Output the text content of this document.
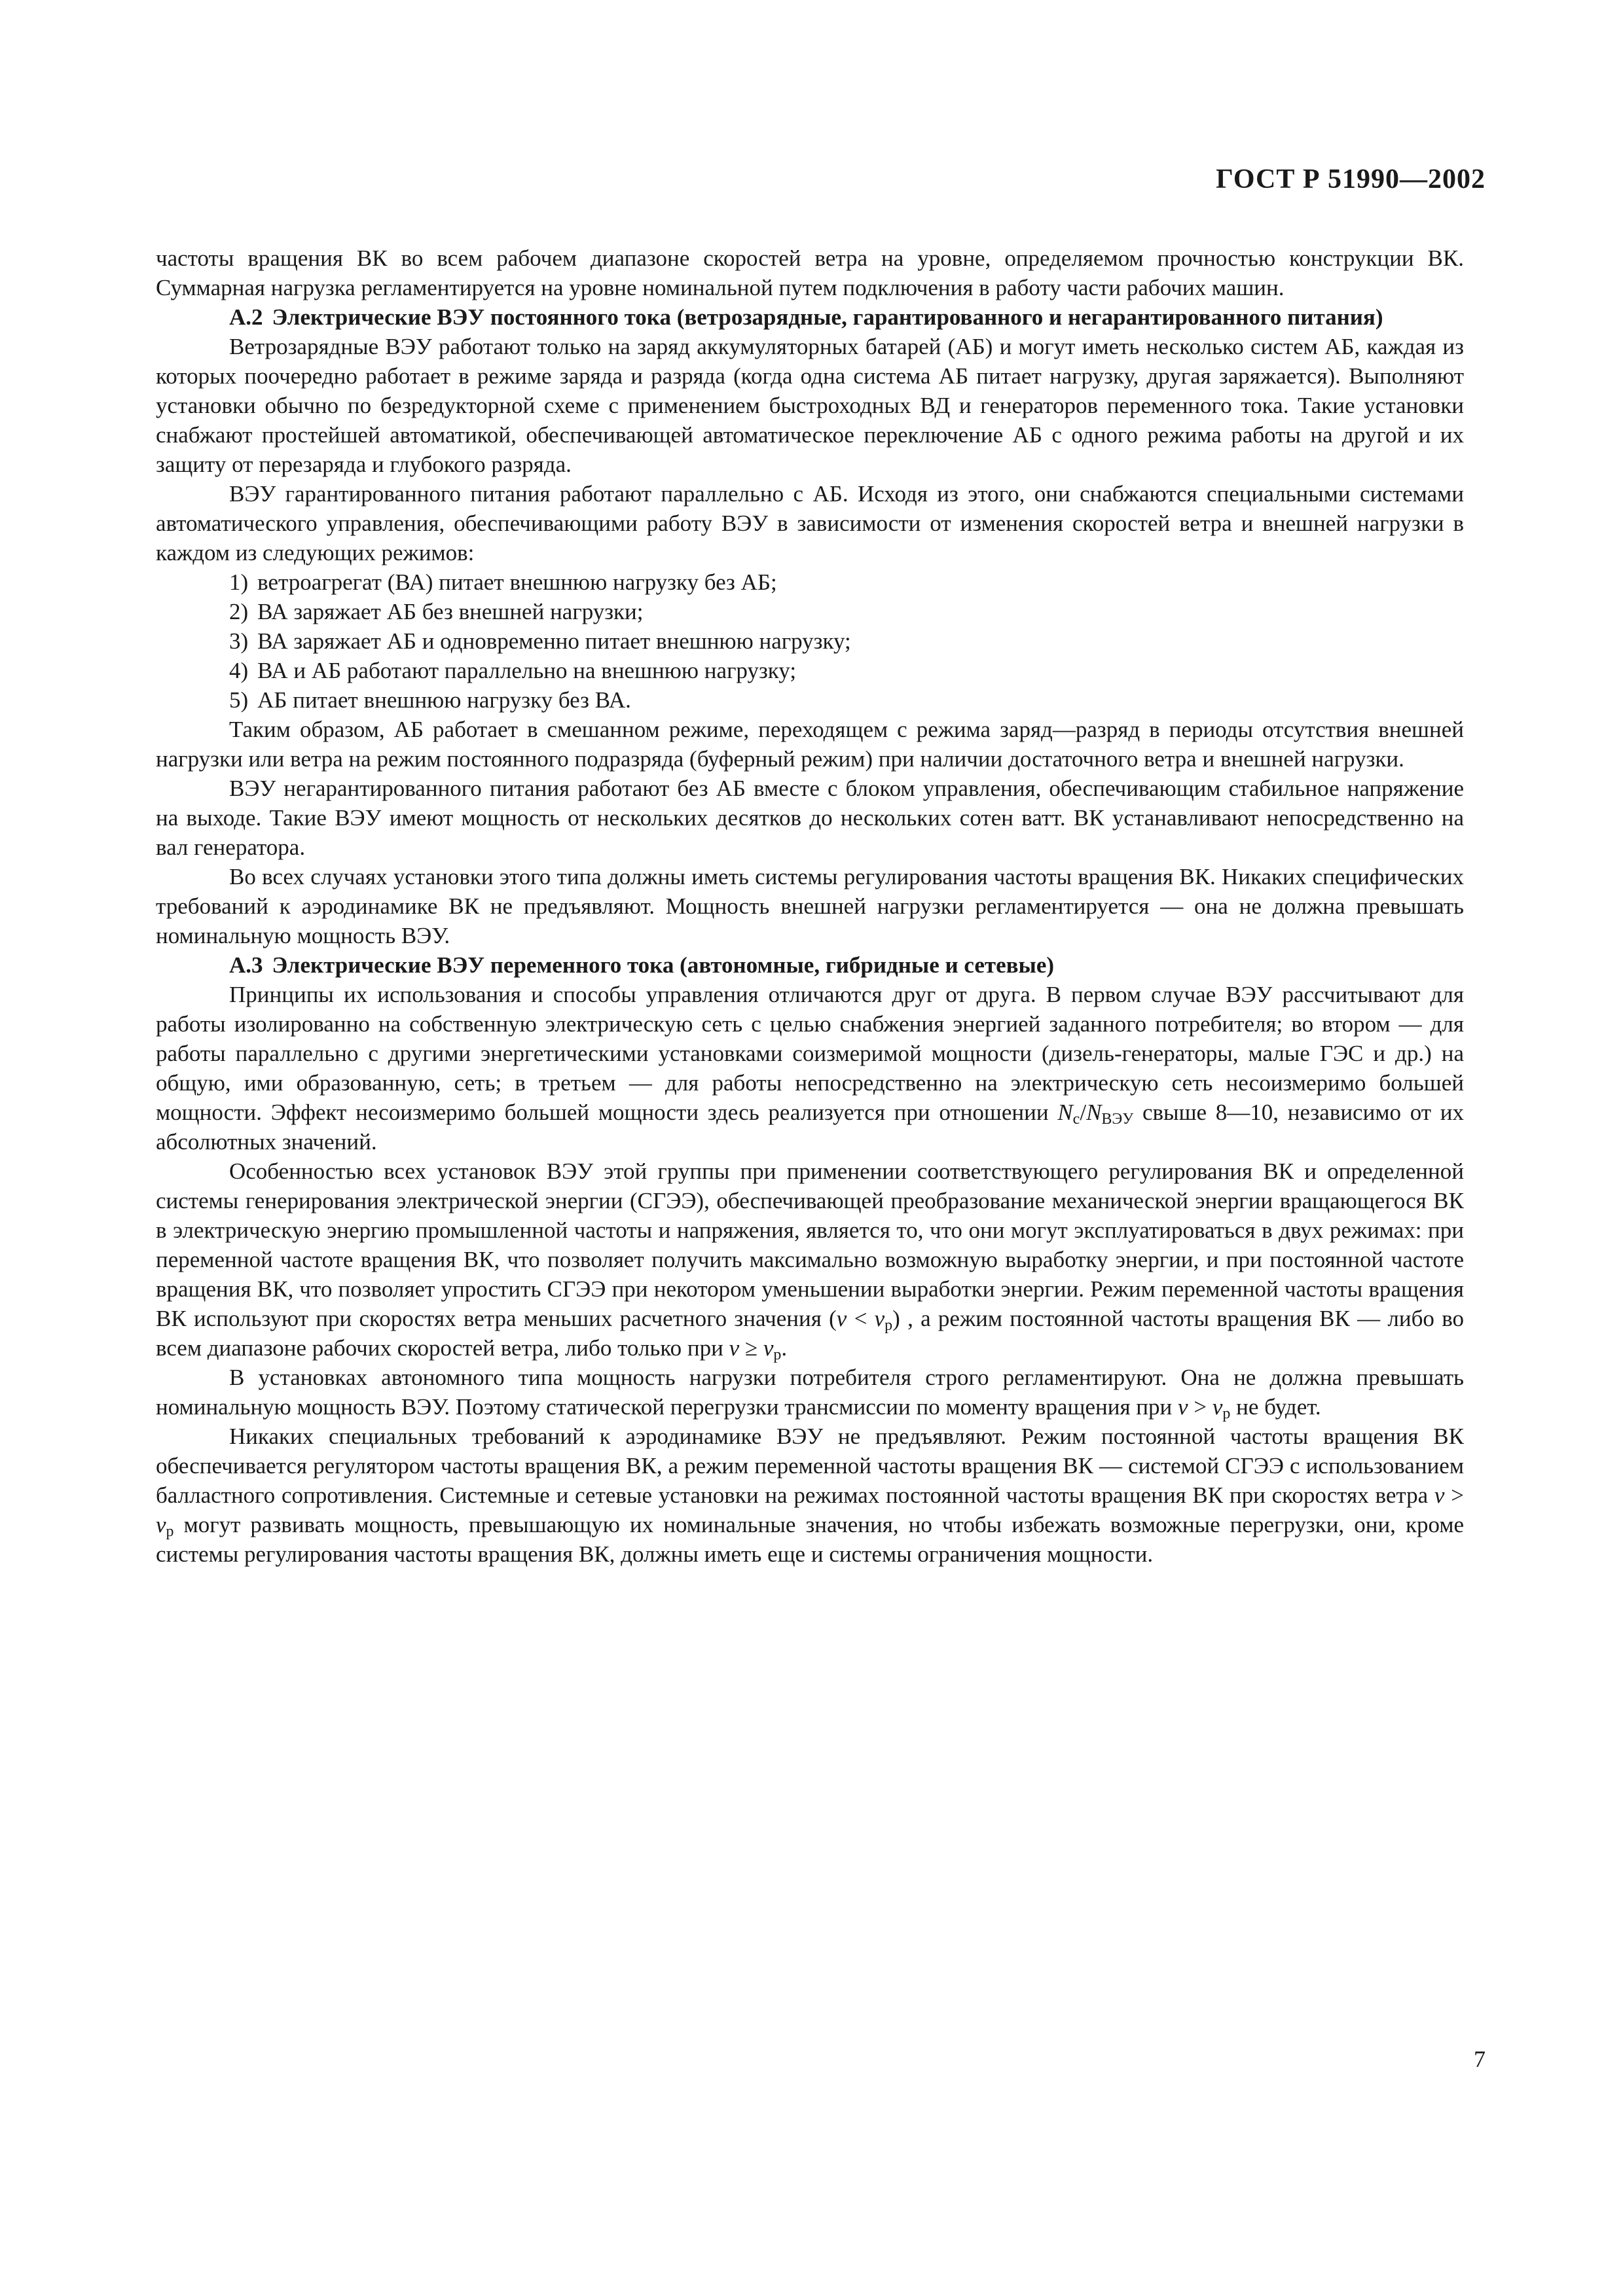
ГОСТ Р 51990—2002

частоты вращения ВК во всем рабочем диапазоне скоростей ветра на уровне, определяемом прочностью конструкции ВК. Суммарная нагрузка регламентируется на уровне номинальной путем подключения в работу части рабочих машин.

А.2 Электрические ВЭУ постоянного тока (ветрозарядные, гарантированного и негарантированного питания)

Ветрозарядные ВЭУ работают только на заряд аккумуляторных батарей (АБ) и могут иметь несколько систем АБ, каждая из которых поочередно работает в режиме заряда и разряда (когда одна система АБ питает нагрузку, другая заряжается). Выполняют установки обычно по безредукторной схеме с применением быстроходных ВД и генераторов переменного тока. Такие установки снабжают простейшей автоматикой, обеспечивающей автоматическое переключение АБ с одного режима работы на другой и их защиту от перезаряда и глубокого разряда.

ВЭУ гарантированного питания работают параллельно с АБ. Исходя из этого, они снабжаются специальными системами автоматического управления, обеспечивающими работу ВЭУ в зависимости от изменения скоростей ветра и внешней нагрузки в каждом из следующих режимов:

1) ветроагрегат (ВА) питает внешнюю нагрузку без АБ;

2) ВА заряжает АБ без внешней нагрузки;

3) ВА заряжает АБ и одновременно питает внешнюю нагрузку;

4) ВА и АБ работают параллельно на внешнюю нагрузку;

5) АБ питает внешнюю нагрузку без ВА.

Таким образом, АБ работает в смешанном режиме, переходящем с режима заряд—разряд в периоды отсутствия внешней нагрузки или ветра на режим постоянного подразряда (буферный режим) при наличии достаточного ветра и внешней нагрузки.

ВЭУ негарантированного питания работают без АБ вместе с блоком управления, обеспечивающим стабильное напряжение на выходе. Такие ВЭУ имеют мощность от нескольких десятков до нескольких сотен ватт. ВК устанавливают непосредственно на вал генератора.

Во всех случаях установки этого типа должны иметь системы регулирования частоты вращения ВК. Никаких специфических требований к аэродинамике ВК не предъявляют. Мощность внешней нагрузки регламентируется — она не должна превышать номинальную мощность ВЭУ.

А.3 Электрические ВЭУ переменного тока (автономные, гибридные и сетевые)

Принципы их использования и способы управления отличаются друг от друга. В первом случае ВЭУ рассчитывают для работы изолированно на собственную электрическую сеть с целью снабжения энергией заданного потребителя; во втором — для работы параллельно с другими энергетическими установками соизмеримой мощности (дизель-генераторы, малые ГЭС и др.) на общую, ими образованную, сеть; в третьем — для работы непосредственно на электрическую сеть несоизмеримо большей мощности. Эффект несоизмеримо большей мощности здесь реализуется при отношении $N_c/N_{ВЭУ}$ свыше 8—10, независимо от их абсолютных значений.

Особенностью всех установок ВЭУ этой группы при применении соответствующего регулирования ВК и определенной системы генерирования электрической энергии (СГЭЭ), обеспечивающей преобразование механической энергии вращающегося ВК в электрическую энергию промышленной частоты и напряжения, является то, что они могут эксплуатироваться в двух режимах: при переменной частоте вращения ВК, что позволяет получить максимально возможную выработку энергии, и при постоянной частоте вращения ВК, что позволяет упростить СГЭЭ при некотором уменьшении выработки энергии. Режим переменной частоты вращения ВК используют при скоростях ветра меньших расчетного значения $(v < v_р)$ , а режим постоянной частоты вращения ВК — либо во всем диапазоне рабочих скоростей ветра, либо только при $v \ge v_р$.

В установках автономного типа мощность нагрузки потребителя строго регламентируют. Она не должна превышать номинальную мощность ВЭУ. Поэтому статической перегрузки трансмиссии по моменту вращения при $v > v_р$ не будет.

Никаких специальных требований к аэродинамике ВЭУ не предъявляют. Режим постоянной частоты вращения ВК обеспечивается регулятором частоты вращения ВК, а режим переменной частоты вращения ВК — системой СГЭЭ с использованием балластного сопротивления. Системные и сетевые установки на режимах постоянной частоты вращения ВК при скоростях ветра $v > v_р$ могут развивать мощность, превышающую их номинальные значения, но чтобы избежать возможные перегрузки, они, кроме системы регулирования частоты вращения ВК, должны иметь еще и системы ограничения мощности.

7
